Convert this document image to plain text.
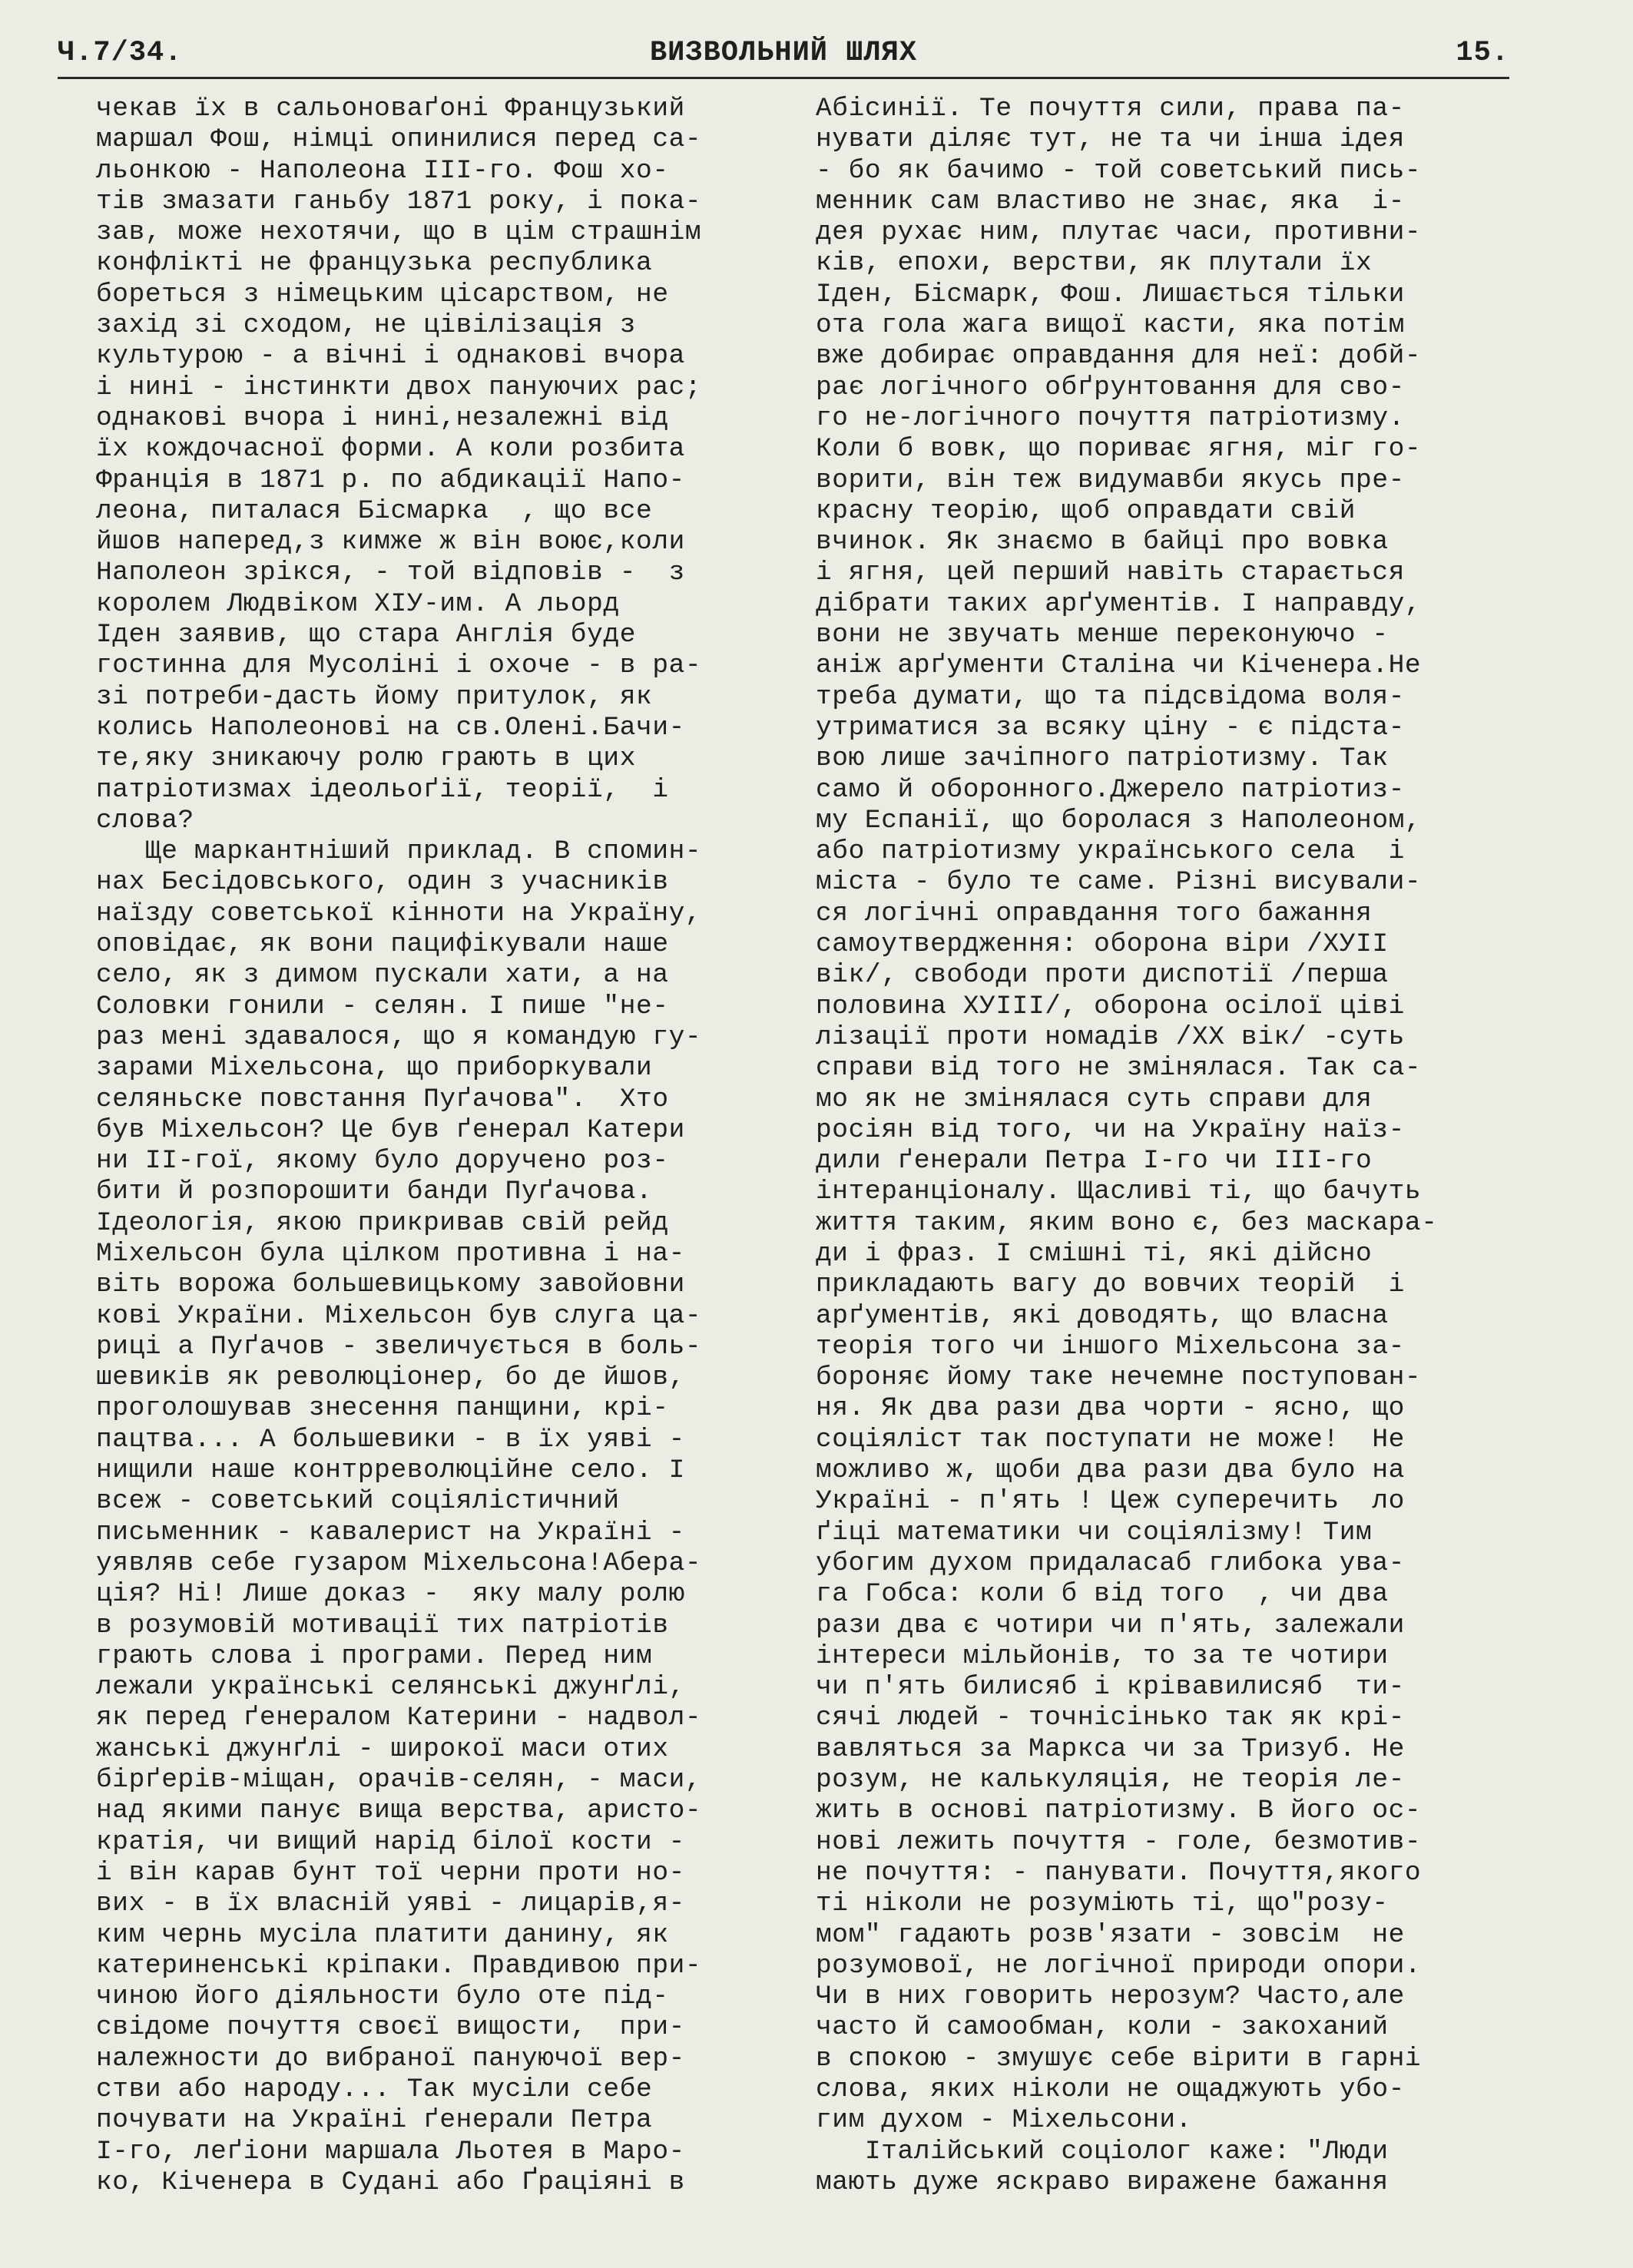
Ч.7/34.	ВИЗВОЛЬНИЙ ШЛЯХ	15.
чекав їх в сальоноваґоні Французький
маршал Фош, німці опинилися перед са-
льонкою - Наполеона III-го. Фош хо-
тів змазати ганьбу 1871 року, і пока-
зав, може нехотячи, що в цім страшнім
конфлікті не французька республика
бореться з німецьким цісарством, не
захід зі сходом, не цівілізація з
культурою - а вічні і однакові вчора
і нині - інстинкти двох пануючих рас;
однакові вчора і нині,незалежні від
їх кождочасної форми. А коли розбита
Франція в 1871 р. по абдикації Напо-
леона, питалася Бісмарка  , що все
йшов наперед,з кимже ж він воює,коли
Наполеон зрікся, - той відповів -  з
королем Людвіком XIУ-им. А льорд
Іден заявив, що стара Англія буде
гостинна для Мусоліні і охоче - в ра-
зі потреби-дасть йому притулок, як
колись Наполеонові на св.Олені.Бачи-
те,яку зникаючу ролю грають в цих
патріотизмах ідеольоґії, теорії,  і
слова?
Ще маркантніший приклад. В спомин-
нах Бесідовського, один з учасників
наїзду советської кінноти на Україну,
оповідає, як вони пацифікували наше
село, як з димом пускали хати, а на
Соловки гонили - селян. І пише "не-
раз мені здавалося, що я командую гу-
зарами Міхельсона, що приборкували
селяньске повстання Пуґачова".  Хто
був Міхельсон? Це був ґенерал Катери
ни II-гої, якому було доручено роз-
бити й розпорошити банди Пуґачова.
Ідеологія, якою прикривав свій рейд
Міхельсон була цілком противна і на-
віть ворожа большевицькому завойовни
кові України. Міхельсон був слуга ца-
риці а Пуґачов - звеличується в боль-
шевиків як революціонер, бо де йшов,
проголошував знесення панщини, крі-
пацтва... А большевики - в їх уяві -
нищили наше контрреволюційне село. І
всеж - советський соціялістичний
письменник - кавалерист на Україні -
уявляв себе гузаром Міхельсона!Аберa-
ція? Ні! Лише доказ -  яку малу ролю
в розумовій мотивації тих патріотів
грають слова і програми. Перед ним
лежали українські селянські джунґлі,
як перед ґенералом Катерини - надвол-
жанські джунґлі - широкої маси отих
бірґерів-міщан, орачів-селян, - маси,
над якими панує вища верства, аристо-
кратія, чи вищий нарід білої кости -
і він карав бунт тої черни проти но-
вих - в їх власній уяві - лицарів,я-
ким чернь мусіла платити данину, як
катериненські кріпаки. Правдивою при-
чиною його діяльности було оте під-
свідоме почуття своєї вищости,  при-
належности до вибраної пануючої вер-
стви або народу... Так мусіли себе
почувати на Україні ґенерали Петра
І-го, леґіони маршала Льотея в Маро-
ко, Кіченера в Судані або Ґраціяні в
Абісинії. Те почуття сили, права па-
нувати діляє тут, не та чи інша ідея
- бо як бачимо - той советський пись-
менник сам властиво не знає, яка  і-
дея рухає ним, плутає часи, противни-
ків, епохи, верстви, як плутали їх
Іден, Бісмарк, Фош. Лишається тільки
ота гола жага вищої касти, яка потім
вже добирає оправдання для неї: добй-
рає логічного обґрунтовання для сво-
го не-логічного почуття патріотизму.
Коли б вовк, що пориває ягня, міг го-
ворити, він теж видумавби якусь пре-
красну теорію, щоб оправдати свій
вчинок. Як знаємо в байці про вовка
і ягня, цей перший навіть старається
дібрати таких арґументів. І направду,
вони не звучать менше переконуючо -
аніж арґументи Сталіна чи Кіченера.Не
треба думати, що та підсвідома воля-
утриматися за всяку ціну - є підста-
вою лише зачіпного патріотизму. Так
само й оборонного.Джерело патріотиз-
му Еспанії, що боролася з Наполеоном,
або патріотизму українського села  і
міста - було те саме. Різні висували-
ся логічні оправдання того бажання
самоутвердження: оборона віри /XУII
вік/, свободи проти диспотії /перша
половина XУIII/, оборона осілої ціві
лізації проти номадів /XX вік/ -суть
справи від того не змінялася. Так са-
мо як не змінялася суть справи для
росіян від того, чи на Україну наїз-
дили ґенерали Петра І-го чи III-го
інтеранціоналу. Щасливі ті, що бачуть
життя таким, яким воно є, без маскара-
ди і фраз. І смішні ті, які дійсно
прикладають вагу до вовчих теорій  і
арґументів, які доводять, що власна
теорія того чи іншого Міхельсона за-
бороняє йому таке нечемне поступован-
ня. Як два рази два чорти - ясно, що
соціяліст так поступати не може!  Не
можливо ж, щоби два рази два було на
Україні - п'ять ! Цеж суперечить  ло
ґіці математики чи соціялізму! Тим
убогим духом придаласаб глибока ува-
га Гобса: коли б від того  , чи два
рази два є чотири чи п'ять, залежали
інтереси мільйонів, то за те чотири
чи п'ять билисяб і крівавилисяб  ти-
сячі людей - точнісінько так як крі-
вавляться за Маркса чи за Тризуб. Не
розум, не калькуляція, не теорія ле-
жить в основі патріотизму. В його ос-
нові лежить почуття - голе, безмотив-
не почуття: - панувати. Почуття,якого
ті ніколи не розуміють ті, що"розу-
мом" гадають розв'язати - зовсім  не
розумової, не логічної природи опори.
Чи в них говорить нерозум? Часто,але
часто й самообман, коли - закоханий
в спокою - змушує себе вірити в гарні
слова, яких ніколи не ощаджують убо-
гим духом - Міхельсони.
Італійський соціолог каже: "Люди
мають дуже яскраво виражене бажання
